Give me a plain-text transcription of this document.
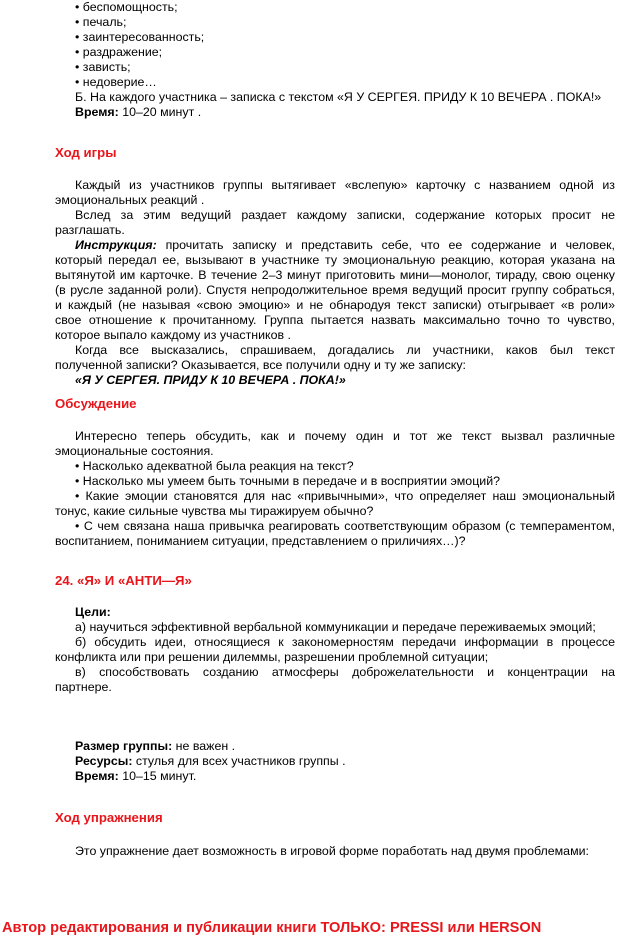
• беспомощность;
• печаль;
• заинтересованность;
• раздражение;
• зависть;
• недоверие…
Б. На каждого участника – записка с текстом «Я У СЕРГЕЯ. ПРИДУ К 10 ВЕЧЕРА . ПОКА!»
Время: 10–20 минут .
Ход игры
Каждый из участников группы вытягивает «вслепую» карточку с названием одной из
эмоциональных реакций .
Вслед за этим ведущий раздает каждому записки, содержание которых просит не
разглашать.
Инструкция: прочитать записку и представить себе, что ее содержание и человек,
который передал ее, вызывают в участнике ту эмоциональную реакцию, которая указана на
вытянутой им карточке. В течение 2–3 минут приготовить мини—монолог, тираду, свою оценку
(в русле заданной роли). Спустя непродолжительное время ведущий просит группу собраться,
и каждый (не называя «свою эмоцию» и не обнародуя текст записки) отыгрывает «в роли»
свое отношение к прочитанному. Группа пытается назвать максимально точно то чувство,
которое выпало каждому из участников .
Когда все высказались, спрашиваем, догадались ли участники, каков был текст
полученной записки? Оказывается, все получили одну и ту же записку:
«Я У СЕРГЕЯ. ПРИДУ К 10 ВЕЧЕРА . ПОКА!»
Обсуждение
Интересно теперь обсудить, как и почему один и тот же текст вызвал различные
эмоциональные состояния.
• Насколько адекватной была реакция на текст?
• Насколько мы умеем быть точными в передаче и в восприятии эмоций?
• Какие эмоции становятся для нас «привычными», что определяет наш эмоциональный
тонус, какие сильные чувства мы тиражируем обычно?
• С чем связана наша привычка реагировать соответствующим образом (с темпераментом,
воспитанием, пониманием ситуации, представлением о приличиях…)?
24. «Я» И «АНТИ—Я»
Цели:
а) научиться эффективной вербальной коммуникации и передаче переживаемых эмоций;
б) обсудить идеи, относящиеся к закономерностям передачи информации в процессе
конфликта или при решении дилеммы, разрешении проблемной ситуации;
в) способствовать созданию атмосферы доброжелательности и концентрации на
партнере.
Размер группы: не важен .
Ресурсы: стулья для всех участников группы .
Время: 10–15 минут.
Ход упражнения
Это упражнение дает возможность в игровой форме поработать над двумя проблемами:
Автор редактирования и публикации книги ТОЛЬКО: PRESSI или HERSON
